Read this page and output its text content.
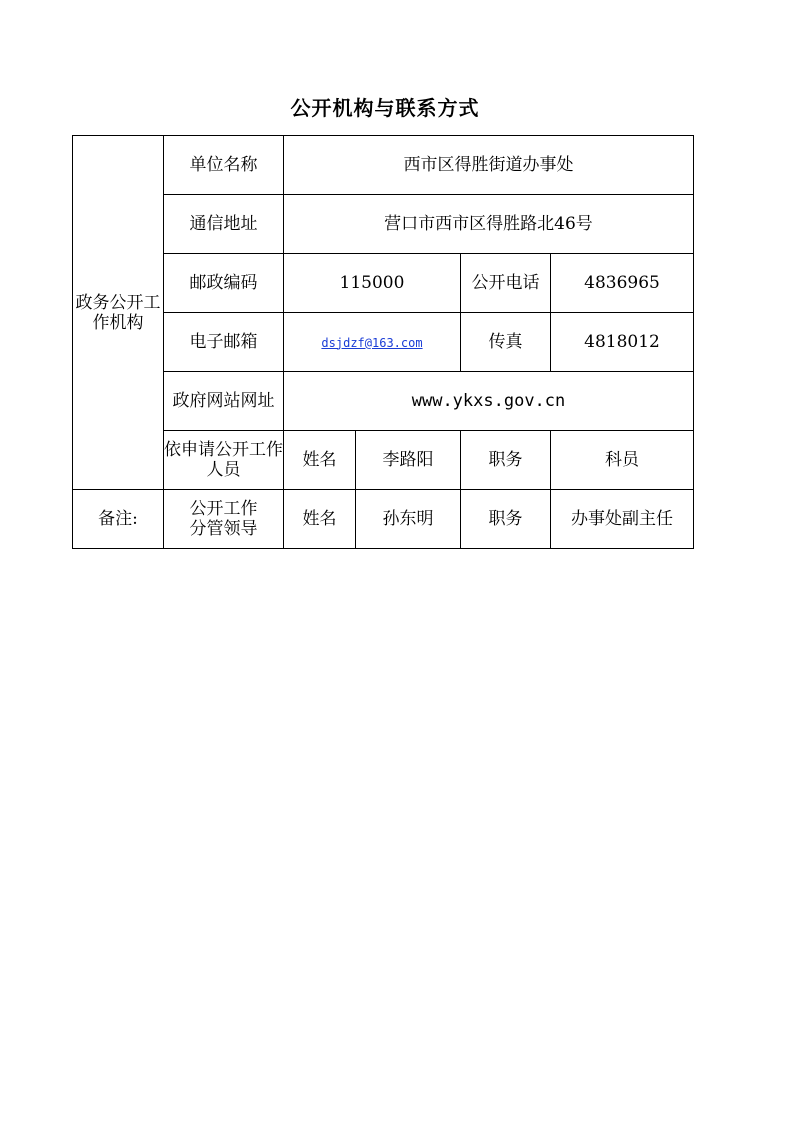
公开机构与联系方式
政务公开工作机构	单位名称	西市区得胜街道办事处			
	通信地址	营口市西市区得胜路北46号			
	邮政编码	115000		公开电话	4836965
	电子邮箱	dsjdzf@163.com		传真	4818012
	政府网站网址	www.ykxs.gov.cn			
	依申请公开工作人员	姓名	李路阳	职务	科员
备注:	公开工作分管领导	姓名	孙东明	职务	办事处副主任
